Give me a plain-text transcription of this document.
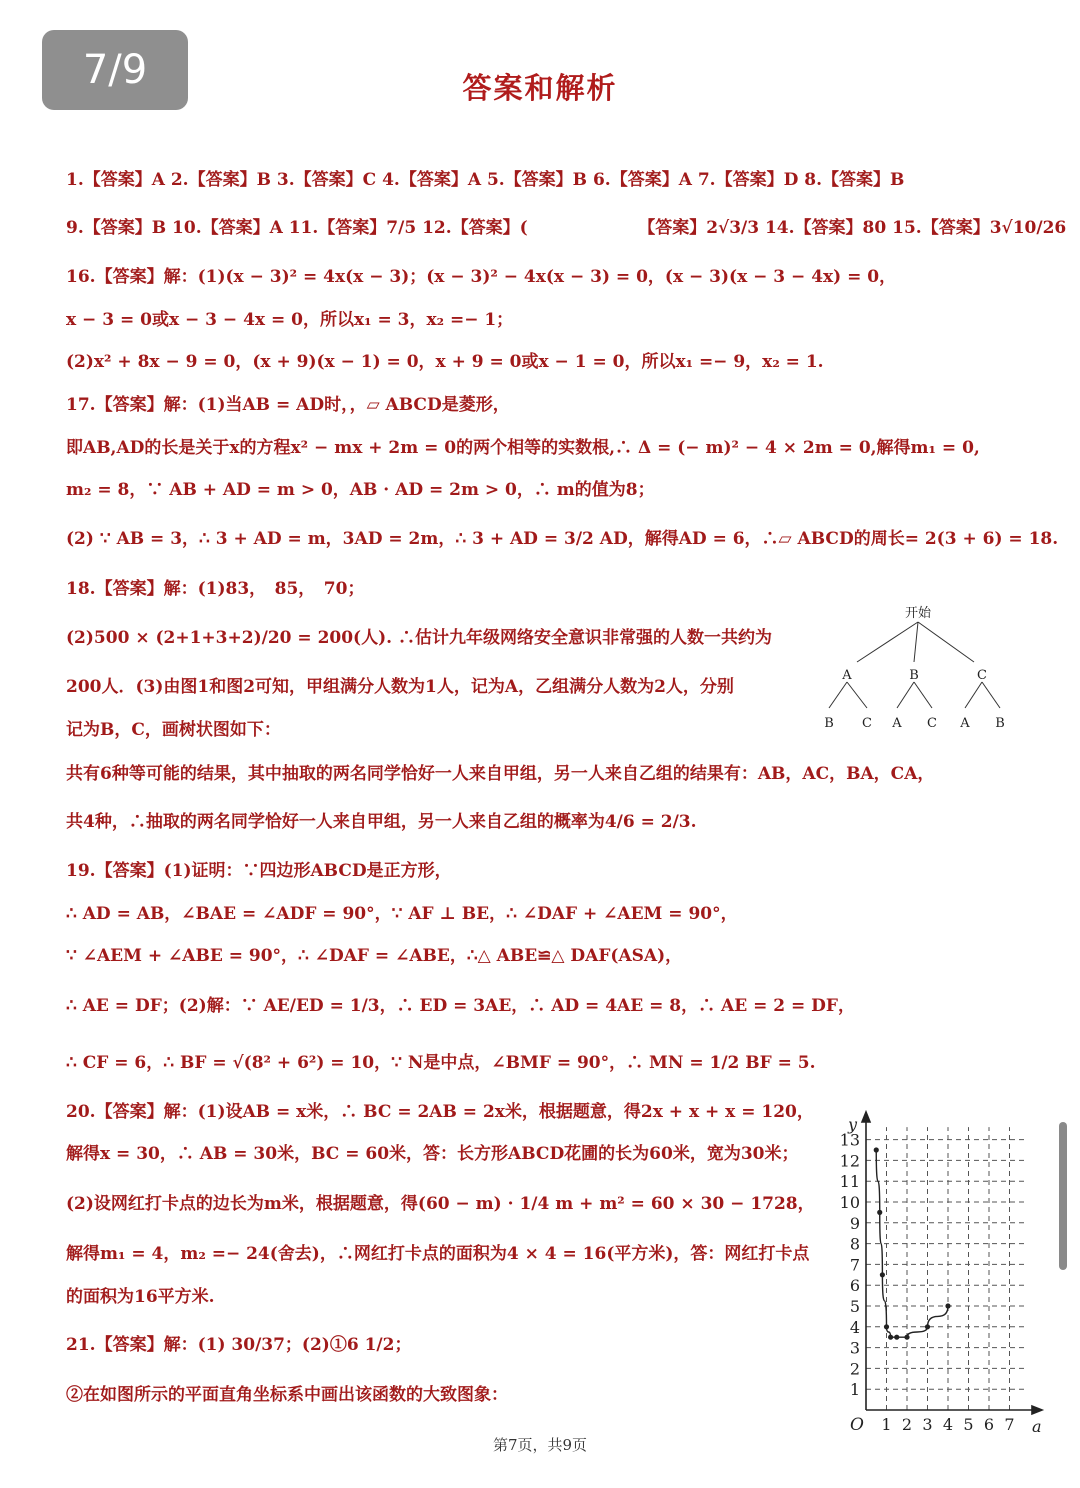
7/9	答案和解析
1.【答案】A 2.【答案】B 3.【答案】C 4.【答案】A 5.【答案】B 6.【答案】A 7.【答案】D 8.【答案】B
9.【答案】B 10.【答案】A 11.【答案】7/5 12.【答案】(　　　　　　　【答案】2√3/3 14.【答案】80 15.【答案】3√10/26
16.【答案】解：(1)(x − 3)² = 4x(x − 3)；(x − 3)² − 4x(x − 3) = 0，(x − 3)(x − 3 − 4x) = 0，
x − 3 = 0或x − 3 − 4x = 0，所以x₁ = 3，x₂ =− 1；
(2)x² + 8x − 9 = 0，(x + 9)(x − 1) = 0，x + 9 = 0或x − 1 = 0，所以x₁ =− 9，x₂ = 1.
17.【答案】解：(1)当AB = AD时，，▱ ABCD是菱形，
即AB,AD的长是关于x的方程x² − mx + 2m = 0的两个相等的实数根,∴ Δ = (− m)² − 4 × 2m = 0,解得m₁ = 0,
m₂ = 8，∵ AB + AD = m > 0，AB · AD = 2m > 0，∴ m的值为8；
(2) ∵ AB = 3，∴ 3 + AD = m，3AD = 2m，∴ 3 + AD = 3/2 AD，解得AD = 6，∴▱ ABCD的周长= 2(3 + 6) = 18.
18.【答案】解：(1)83，　85，　70；
(2)500 × (2+1+3+2)/20 = 200(人). ∴估计九年级网络安全意识非常强的人数一共约为
200人．(3)由图1和图2可知，甲组满分人数为1人，记为A，乙组满分人数为2人，分别
记为B，C，画树状图如下：
共有6种等可能的结果，其中抽取的两名同学恰好一人来自甲组，另一人来自乙组的结果有：AB，AC，BA，CA，
共4种，∴抽取的两名同学恰好一人来自甲组，另一人来自乙组的概率为4/6 = 2/3.
19.【答案】(1)证明：∵四边形ABCD是正方形，
∴ AD = AB，∠BAE = ∠ADF = 90°，∵ AF ⊥ BE，∴ ∠DAF + ∠AEM = 90°，
∵ ∠AEM + ∠ABE = 90°，∴ ∠DAF = ∠ABE，∴△ ABE≌△ DAF(ASA)，
∴ AE = DF；(2)解：∵ AE/ED = 1/3，∴ ED = 3AE，∴ AD = 4AE = 8，∴ AE = 2 = DF，
∴ CF = 6，∴ BF = √(8² + 6²) = 10，∵ N是中点，∠BMF = 90°，∴ MN = 1/2 BF = 5.
20.【答案】解：(1)设AB = x米，∴ BC = 2AB = 2x米，根据题意，得2x + x + x = 120，
解得x = 30，∴ AB = 30米，BC = 60米，答：长方形ABCD花圃的长为60米，宽为30米；
(2)设网红打卡点的边长为m米，根据题意，得(60 − m) · 1/4 m + m² = 60 × 30 − 1728，
解得m₁ = 4，m₂ =− 24(舍去)，∴网红打卡点的面积为4 × 4 = 16(平方米)，答：网红打卡点
的面积为16平方米.
21.【答案】解：(1) 30/37；(2)①6 1/2；
②在如图所示的平面直角坐标系中画出该函数的大致图象：
开始
A	B	C
B C A C A B
1
2
3
4
5
6
7
8
9
10
11
12
13
1 2 3 4 5 6 7
y
a
O
第7页，共9页
